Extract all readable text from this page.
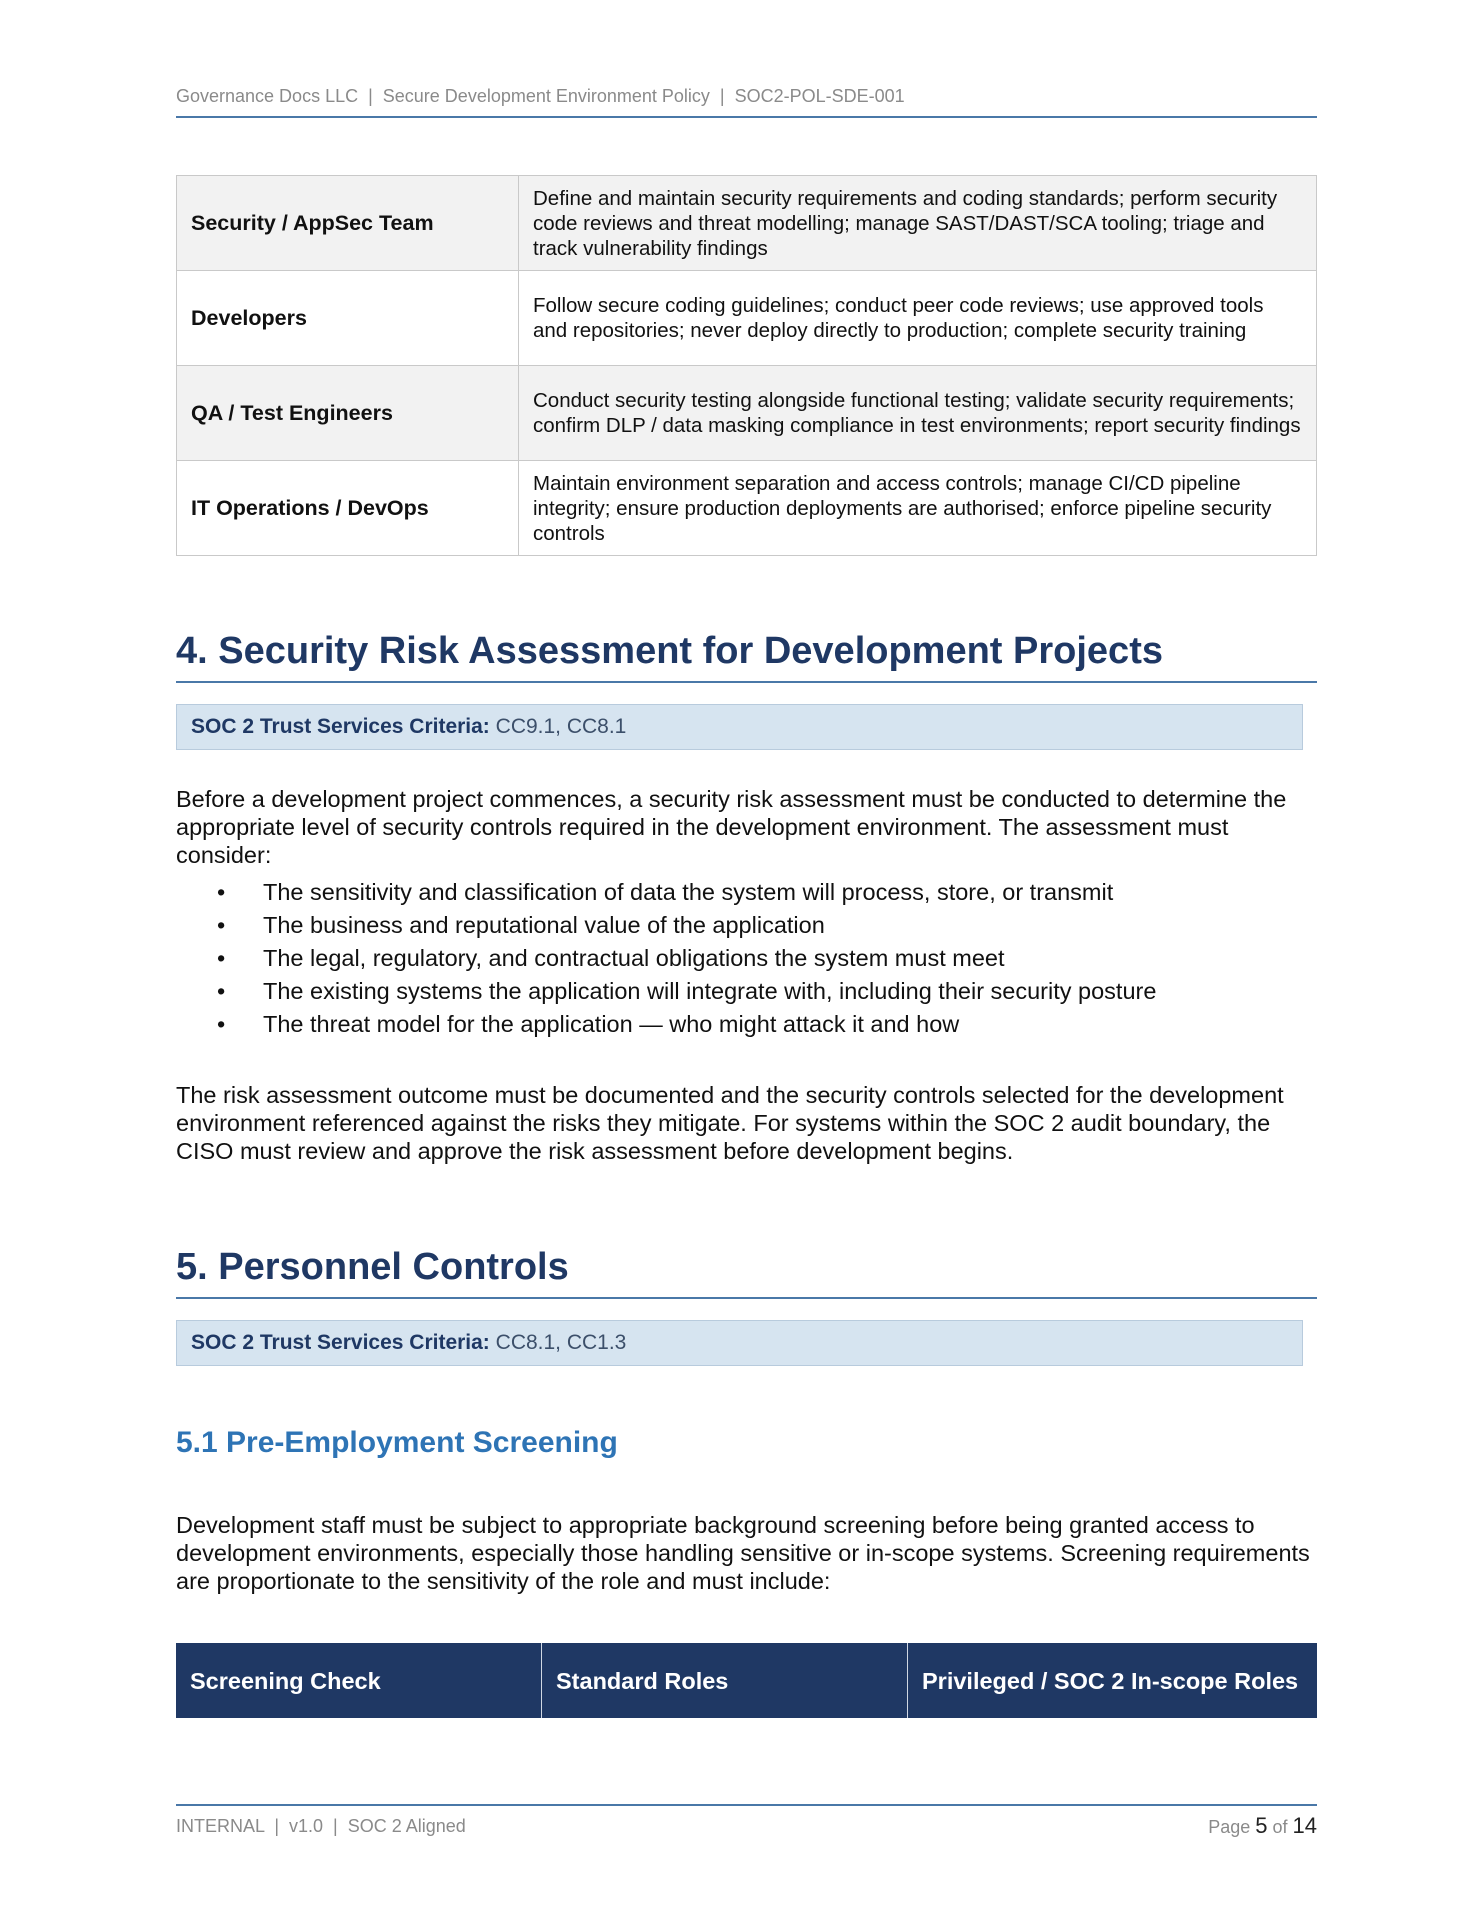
Governance Docs LLC  |  Secure Development Environment Policy  |  SOC2-POL-SDE-001
Security / AppSec Team	Define and maintain security requirements and coding standards; perform security code reviews and threat modelling; manage SAST/DAST/SCA tooling; triage and track vulnerability findings
Developers	Follow secure coding guidelines; conduct peer code reviews; use approved tools and repositories; never deploy directly to production; complete security training
QA / Test Engineers	Conduct security testing alongside functional testing; validate security requirements; confirm DLP / data masking compliance in test environments; report security findings
IT Operations / DevOps	Maintain environment separation and access controls; manage CI/CD pipeline integrity; ensure production deployments are authorised; enforce pipeline security controls
4. Security Risk Assessment for Development Projects
SOC 2 Trust Services Criteria: CC9.1, CC8.1

Before a development project commences, a security risk assessment must be conducted to determine the appropriate level of security controls required in the development environment. The assessment must consider:

• The sensitivity and classification of data the system will process, store, or transmit
• The business and reputational value of the application
• The legal, regulatory, and contractual obligations the system must meet
• The existing systems the application will integrate with, including their security posture
• The threat model for the application — who might attack it and how

The risk assessment outcome must be documented and the security controls selected for the development environment referenced against the risks they mitigate. For systems within the SOC 2 audit boundary, the CISO must review and approve the risk assessment before development begins.

5. Personnel Controls
SOC 2 Trust Services Criteria: CC8.1, CC1.3
5.1 Pre-Employment Screening

Development staff must be subject to appropriate background screening before being granted access to development environments, especially those handling sensitive or in-scope systems. Screening requirements are proportionate to the sensitivity of the role and must include:

Screening Check	Standard Roles	Privileged / SOC 2 In-scope Roles
INTERNAL  |  v1.0  |  SOC 2 Aligned	Page 5 of 14
